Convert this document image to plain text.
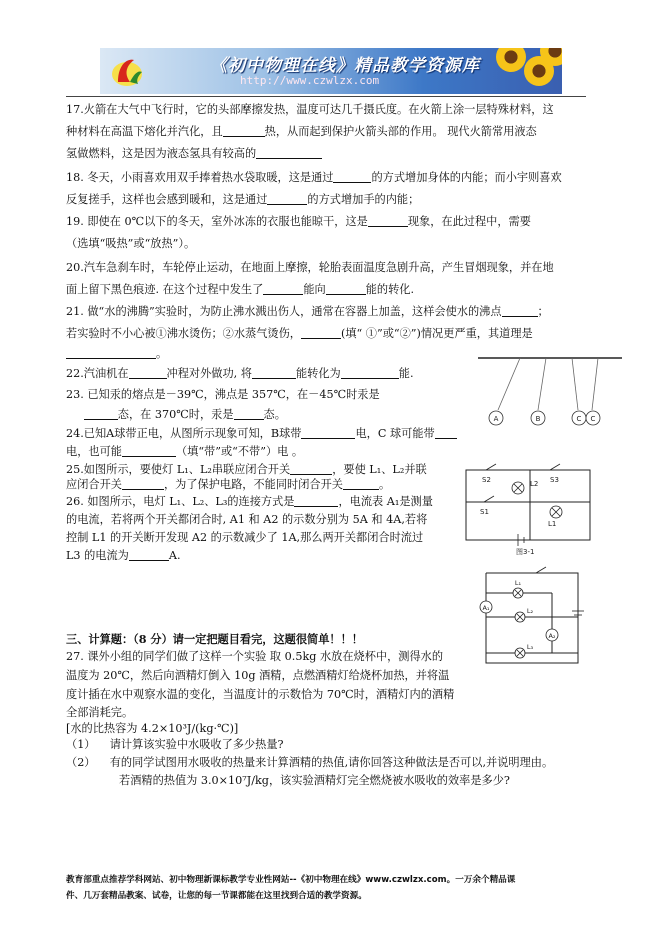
《初中物理在线》精品教学资源库
http://www.czwlzx.com
17.火箭在大气中飞行时，它的头部摩擦发热，温度可达几千摄氏度。在火箭上涂一层特殊材料，这
种材料在高温下熔化并汽化，且	热，从而起到保护火箭头部的作用。 现代火箭常用液态
氢做燃料，这是因为液态氢具有较高的
18. 冬天，小雨喜欢用双手捧着热水袋取暖，这是通过	的方式增加身体的内能；而小宇则喜欢
反复搓手，这样也会感到暖和，这是通过	的方式增加手的内能；
19. 即使在 0℃以下的冬天，室外冰冻的衣服也能晾干，这是	现象，在此过程中，需要
（选填“吸热”或“放热”）。
20.汽车急刹车时，车轮停止运动，在地面上摩擦，轮胎表面温度急剧升高，产生冒烟现象，并在地
面上留下黑色痕迹. 在这个过程中发生了	能向	能的转化.
21. 做“水的沸腾”实验时，为防止沸水溅出伤人，通常在容器上加盖，这样会使水的沸点	；
若实验时不小心被①沸水烫伤；②水蒸气烫伤，	(填“ ①”或“②”)情况更严重，其道理是
。
22.汽油机在	冲程对外做功, 将	能转化为	能.
23. 已知汞的熔点是－39℃，沸点是 357℃，在－45℃时汞是
态，在 370℃时，汞是	态。
24.已知A球带正电，从图所示现象可知，B球带	电，C 球可能带
电，也可能	（填“带”或“不带”）电 。
25.如图所示，要使灯 L₁、L₂串联应闭合开关	，要使 L₁、L₂并联
应闭合开关	，为了保护电路，不能同时闭合开关	。
26. 如图所示，电灯 L₁、L₂、L₃的连接方式是	，电流表 A₁是测量
的电流，若将两个开关都闭合时, A1 和 A2 的示数分别为 5A 和 4A,若将
控制 L1 的开关断开发现 A2 的示数减少了 1A,那么两开关都闭合时流过
L3 的电流为	A.
三、计算题：（8 分）请一定把题目看完，这题很简单！！！
27. 课外小组的同学们做了这样一个实验 取 0.5kg 水放在烧杯中，测得水的
温度为 20℃，然后向酒精灯倒入 10g 酒精，点燃酒精灯给烧杯加热，并将温
度计插在水中观察水温的变化，当温度计的示数恰为 70℃时，酒精灯内的酒精
全部消耗完。
[水的比热容为 4.2×10³J/(kg·℃)]
（1） 请计算该实验中水吸收了多少热量?
（2） 有的同学试图用水吸收的热量来计算酒精的热值,请你回答这种做法是否可以,并说明理由。
若酒精的热值为 3.0×10⁷J/kg，该实验酒精灯完全燃烧被水吸收的效率是多少?
A	B	C C
S2	S3
L2
S1
L1
图3-1
L₁
A₁	L₂
A₂
L₃
教育部重点推荐学科网站、初中物理新课标教学专业性网站--《初中物理在线》www.czwlzx.com。一万余个精品课
件、几万套精品教案、试卷，让您的每一节课都能在这里找到合适的教学资源。
